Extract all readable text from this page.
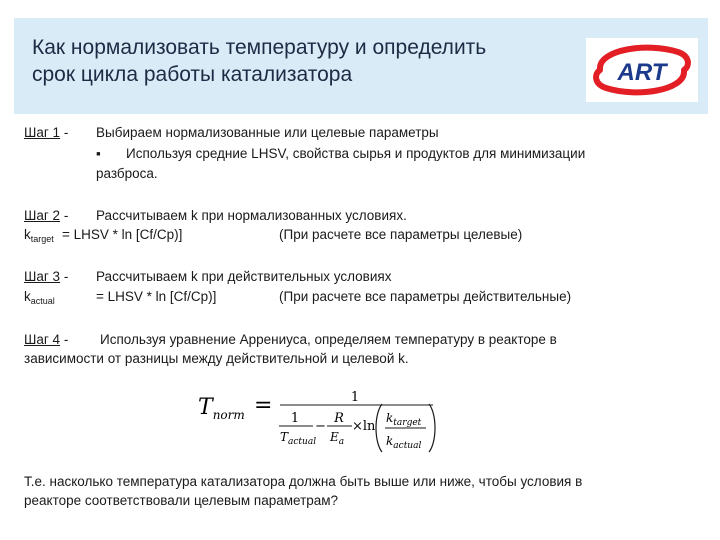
Как нормализовать температуру и определить
срок цикла работы катализатора	ART
Шаг 1 - Выбираем нормализованные или целевые параметры
▪ Используя средние LHSV, свойства сырья и продуктов для минимизации
разброса.
Шаг 2 - Рассчитываем k при нормализованных условиях.
$k_{target}$ = LHSV * ln [Cf/Cp)]	(При расчете все параметры целевые)
Шаг 3 - Рассчитываем k при действительных условиях
$k_{actual}$	= LHSV * ln [Cf/Cp)]	(При расчете все параметры действительные)
Шаг 4 - Используя уравнение Аррениуса, определяем температуру в реакторе в
зависимости от разницы между действительной и целевой k.
$T_{norm}$ =	1
1
$T_{actual}$
−
R
$E_a$
×ln
$k_{target}$
$k_{actual}$
Т.е. насколько температура катализатора должна быть выше или ниже, чтобы условия в
реакторе соответствовали целевым параметрам?
